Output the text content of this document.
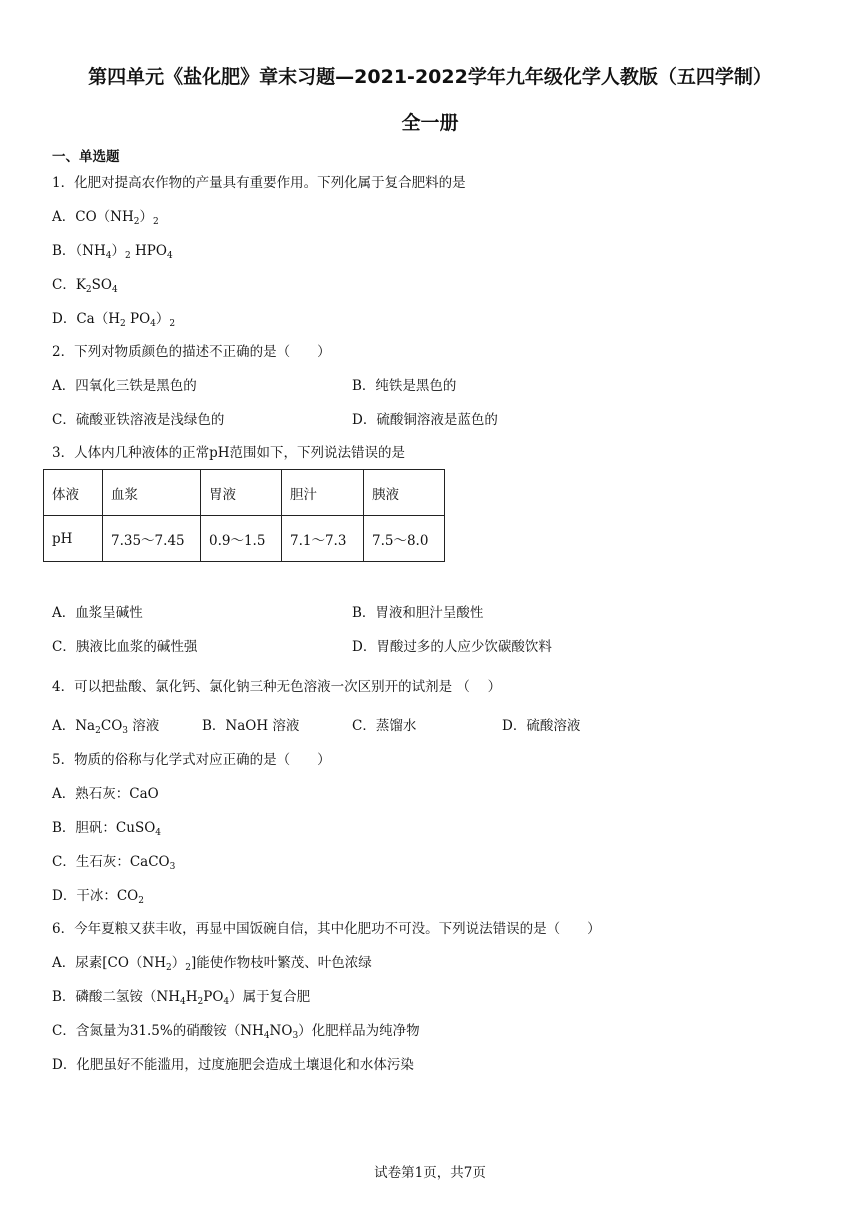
第四单元《盐化肥》章末习题—2021-2022学年九年级化学人教版（五四学制）
全一册
一、单选题
1．化肥对提高农作物的产量具有重要作用。下列化属于复合肥料的是
A．$CO(NH_2)_2$
B．$(NH_4)_2$ $HPO_4$
C．$K_2SO_4$
D．$Ca(H_2$ $PO_4)_2$
2．下列对物质颜色的描述不正确的是（　　）
A．四氧化三铁是黑色的	B．纯铁是黑色的
C．硫酸亚铁溶液是浅绿色的	D．硫酸铜溶液是蓝色的
3．人体内几种液体的正常pH范围如下，下列说法错误的是
体液	血浆	胃液	胆汁	胰液
pH	7.35～7.45	0.9～1.5	7.1～7.3	7.5～8.0
A．血浆呈碱性	B．胃液和胆汁呈酸性
C．胰液比血浆的碱性强	D．胃酸过多的人应少饮碳酸饮料
4．可以把盐酸、氯化钙、氯化钠三种无色溶液一次区别开的试剂是 （　 ）
A．$Na_2CO_3$ 溶液	B．NaOH 溶液	C．蒸馏水	D．硫酸溶液
5．物质的俗称与化学式对应正确的是（　　）
A．熟石灰：CaO
B．胆矾：CuSO$_4$
C．生石灰：CaCO$_3$
D．干冰：$CO_2$
6．今年夏粮又获丰收，再显中国饭碗自信，其中化肥功不可没。下列说法错误的是（　　）
A．尿素$[CO(NH_2)_2]$能使作物枝叶繁茂、叶色浓绿
B．磷酸二氢铵$(NH_4H_2PO_4)$属于复合肥
C．含氮量为31.5%的硝酸铵$(NH_4NO_3)$化肥样品为纯净物
D．化肥虽好不能滥用，过度施肥会造成土壤退化和水体污染
试卷第1页，共7页
